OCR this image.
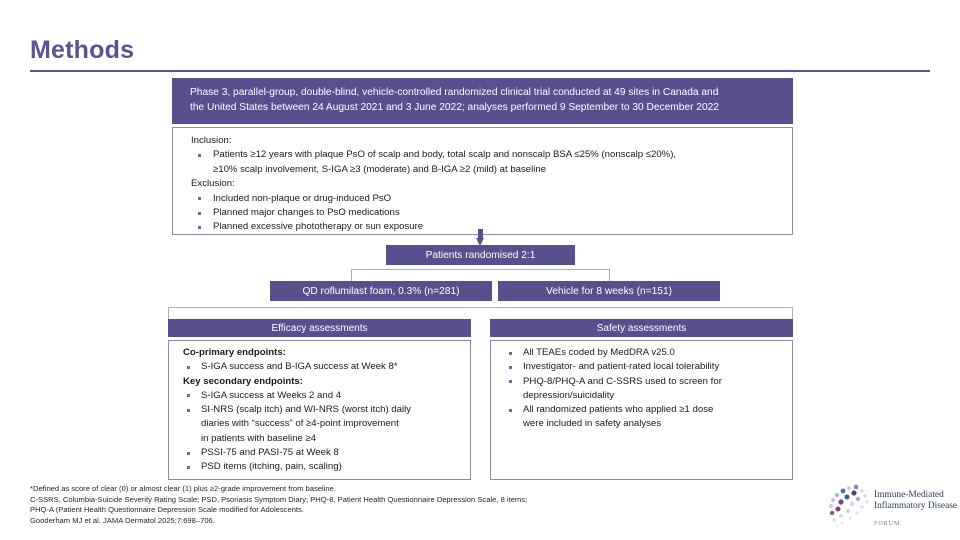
Methods
Phase 3, parallel-group, double-blind, vehicle-controlled randomized clinical trial conducted at 49 sites in Canada and
the United States between 24 August 2021 and 3 June 2022; analyses performed 9 September to 30 December 2022
Inclusion:
Patients ≥12 years with plaque PsO of scalp and body, total scalp and nonscalp BSA ≤25% (nonscalp ≤20%),
≥10% scalp involvement, S-IGA ≥3 (moderate) and B-IGA ≥2 (mild) at baseline
Exclusion:
Included non-plaque or drug-induced PsO
Planned major changes to PsO medications
Planned excessive phototherapy or sun exposure
Patients randomised 2:1
QD roflumilast foam, 0.3% (n=281)	Vehicle for 8 weeks (n=151)
Efficacy assessments
Co-primary endpoints:
S-IGA success and B-IGA success at Week 8*
Key secondary endpoints:
S-IGA success at Weeks 2 and 4
SI-NRS (scalp itch) and WI-NRS (worst itch) daily
diaries with “success” of ≥4-point improvement
in patients with baseline ≥4
PSSI-75 and PASI-75 at Week 8
PSD items (itching, pain, scaling)
Safety assessments
All TEAEs coded by MedDRA v25.0
Investigator- and patient-rated local tolerability
PHQ-8/PHQ-A and C-SSRS used to screen for
depression/suicidality
All randomized patients who applied ≥1 dose
were included in safety analyses
*Defined as score of clear (0) or almost clear (1) plus ≥2-grade improvement from baseline.
C-SSRS, Columbia-Suicide Severity Rating Scale; PSD, Psoriasis Symptom Diary; PHQ-8, Patient Health Questionnaire Depression Scale, 8 items;
PHQ-A (Patient Health Questionnaire Depression Scale modified for Adolescents.
Gooderham MJ et al. JAMA Dermatol 2025;7:698–706.
Immune-Mediated
Inflammatory Disease
FORUM
